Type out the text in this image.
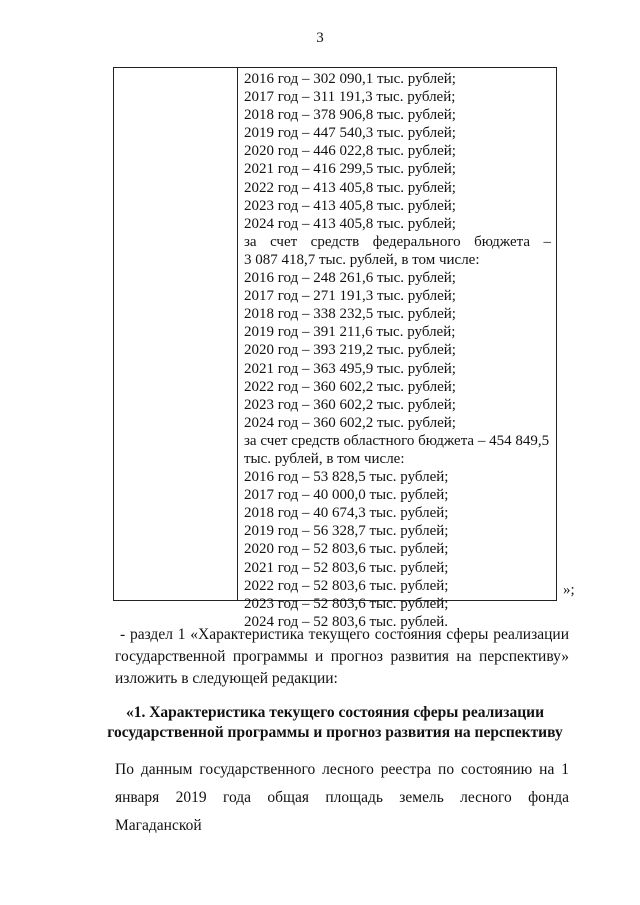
3
2016 год – 302 090,1 тыс. рублей;
2017 год – 311 191,3 тыс. рублей;
2018 год – 378 906,8 тыс. рублей;
2019 год – 447 540,3 тыс. рублей;
2020 год – 446 022,8 тыс. рублей;
2021 год – 416 299,5 тыс. рублей;
2022 год – 413 405,8 тыс. рублей;
2023 год – 413 405,8 тыс. рублей;
2024 год – 413 405,8 тыс. рублей;
за счет средств федерального бюджета –
3 087 418,7 тыс. рублей, в том числе:
2016 год – 248 261,6 тыс. рублей;
2017 год – 271 191,3 тыс. рублей;
2018 год – 338 232,5 тыс. рублей;
2019 год – 391 211,6 тыс. рублей;
2020 год – 393 219,2 тыс. рублей;
2021 год – 363 495,9 тыс. рублей;
2022 год – 360 602,2 тыс. рублей;
2023 год – 360 602,2 тыс. рублей;
2024 год – 360 602,2 тыс. рублей;
за счет средств областного бюджета – 454 849,5
тыс. рублей, в том числе:
2016 год – 53 828,5 тыс. рублей;
2017 год – 40 000,0 тыс. рублей;
2018 год – 40 674,3 тыс. рублей;
2019 год – 56 328,7 тыс. рублей;
2020 год – 52 803,6 тыс. рублей;
2021 год – 52 803,6 тыс. рублей;
2022 год – 52 803,6 тыс. рублей;
2023 год – 52 803,6 тыс. рублей;
2024 год – 52 803,6 тыс. рублей.
»;
- раздел 1 «Характеристика текущего состояния сферы реализации
государственной программы и прогноз развития на перспективу»
изложить в следующей редакции:
«1. Характеристика текущего состояния сферы реализации
государственной программы и прогноз развития на перспективу
По данным государственного лесного реестра по состоянию на 1
января 2019 года общая площадь земель лесного фонда Магаданской
